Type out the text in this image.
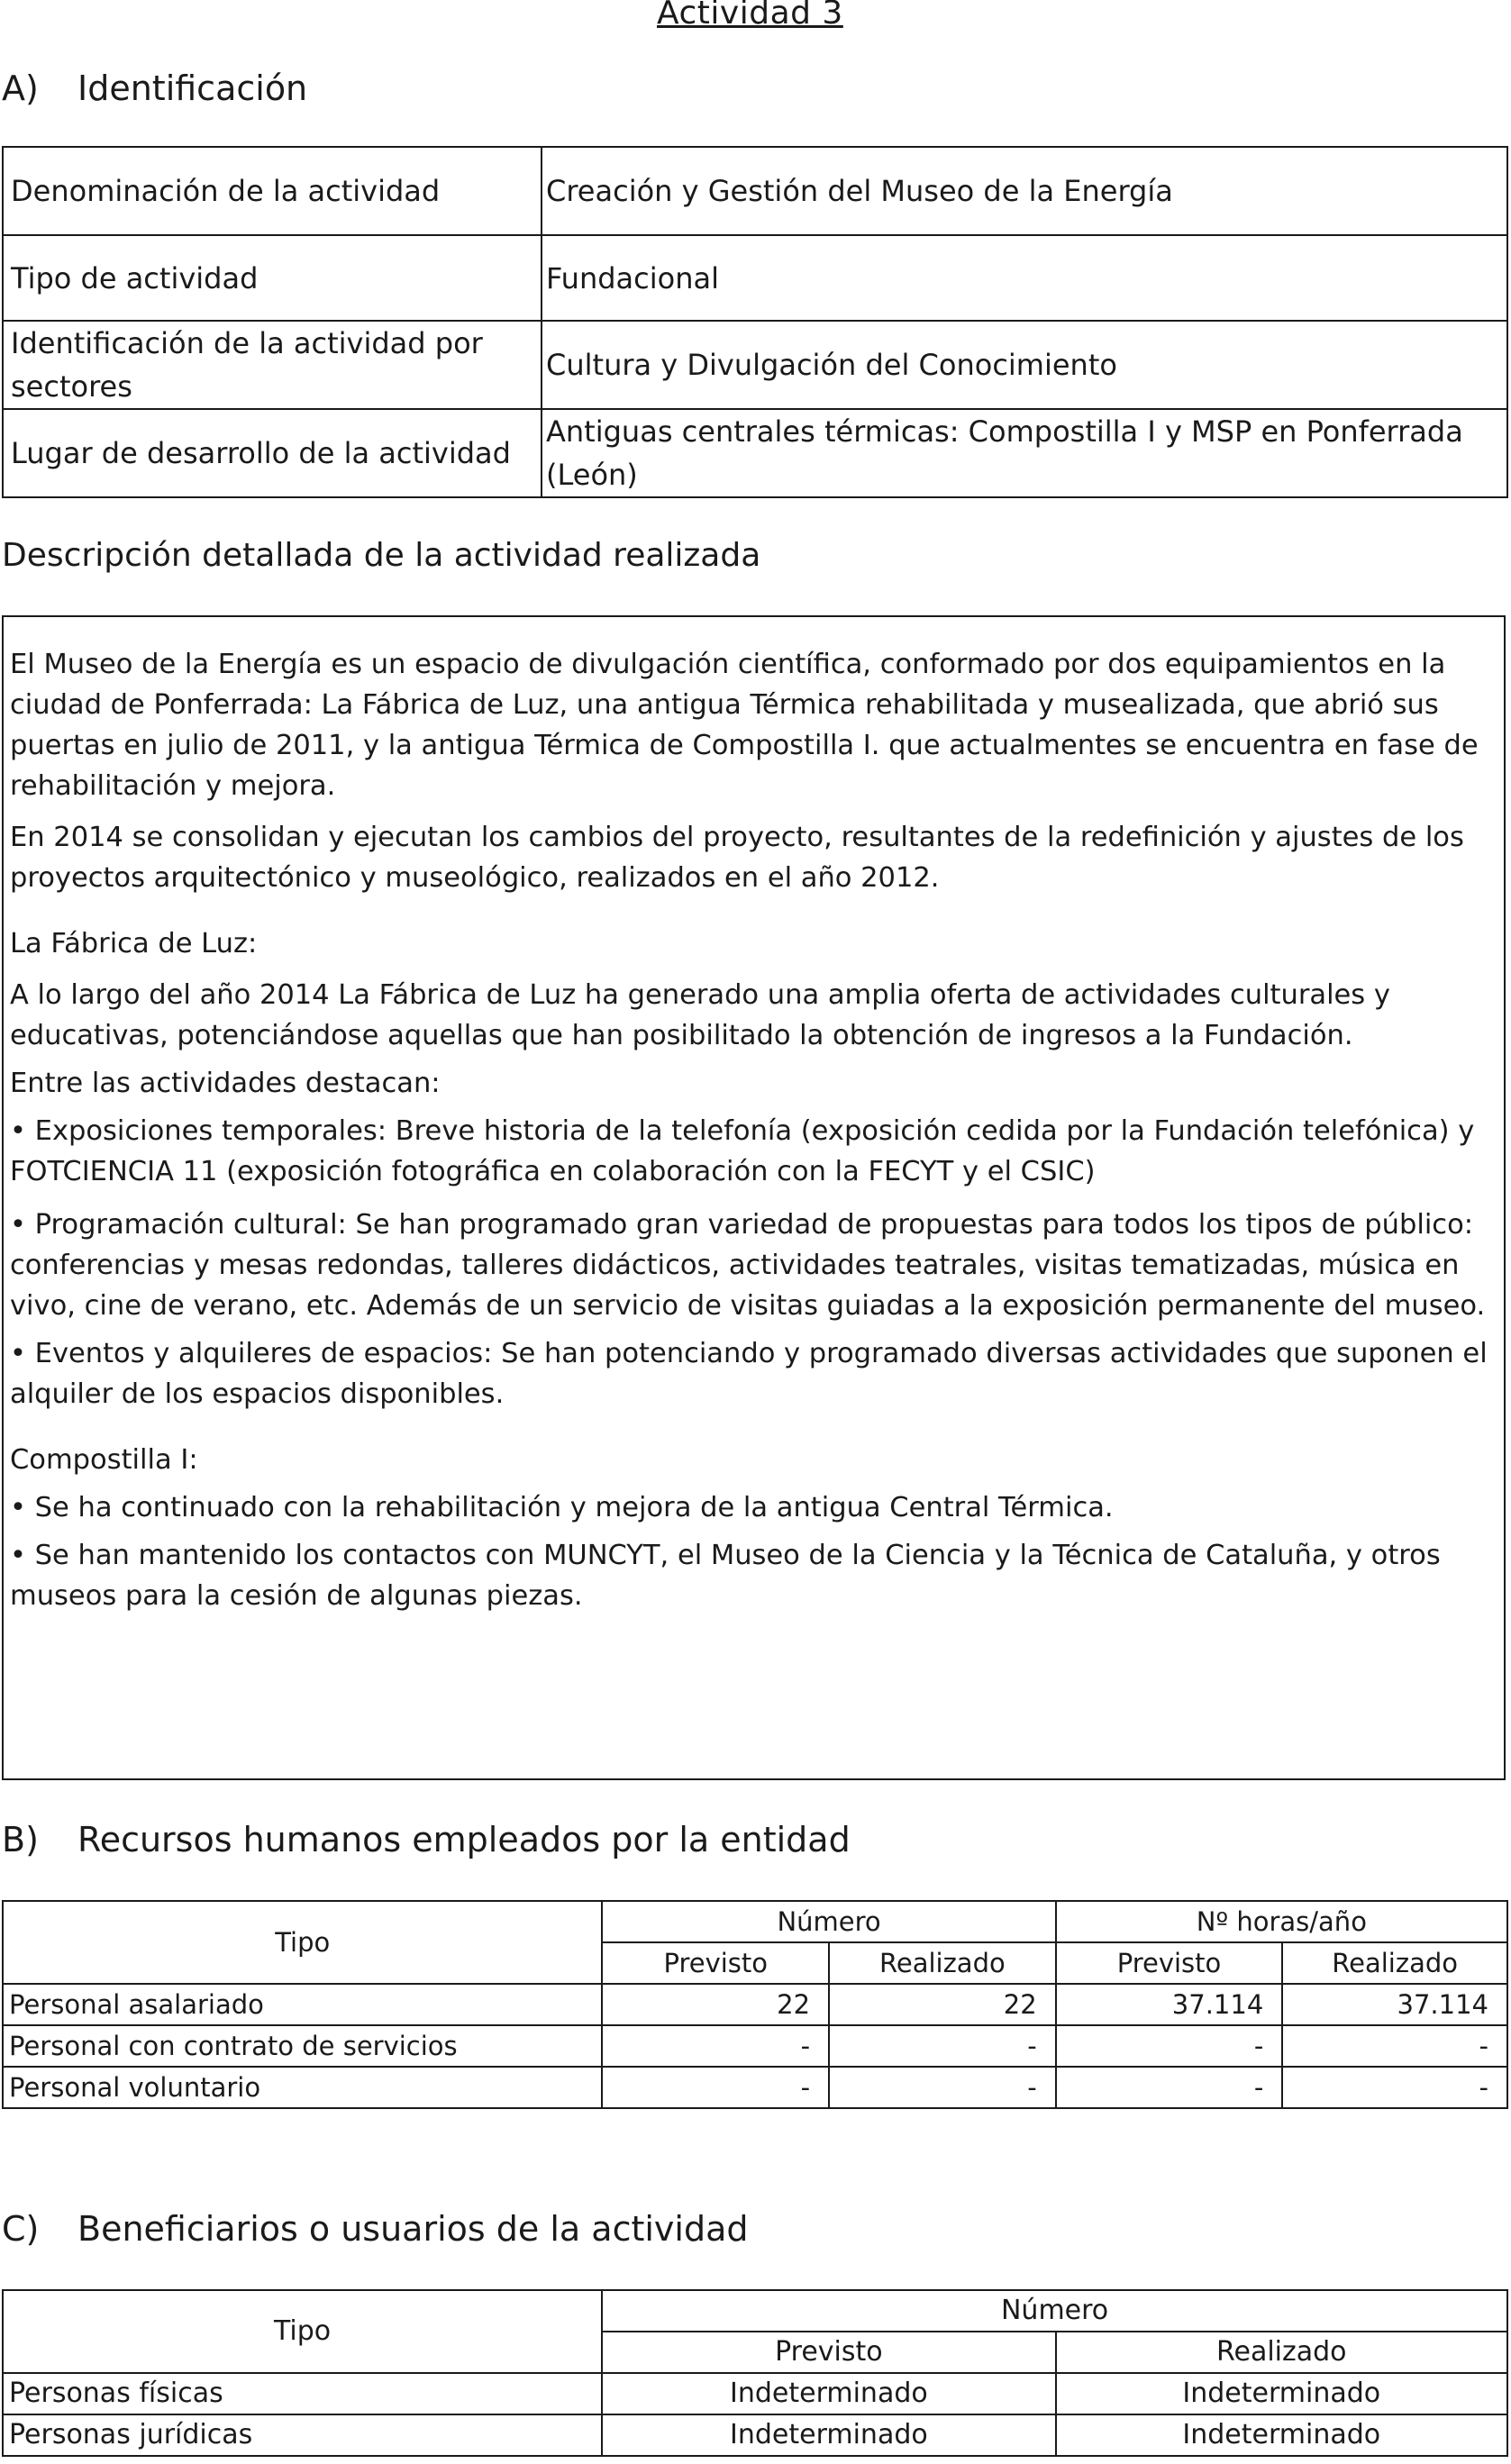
Actividad 3
A) Identificación
Denominación de la actividad	Creación y Gestión del Museo de la Energía
Tipo de actividad	Fundacional
Identificación de la actividad por sectores	Cultura y Divulgación del Conocimiento
Lugar de desarrollo de la actividad	Antiguas centrales térmicas: Compostilla I y MSP en Ponferrada (León)
Descripción detallada de la actividad realizada

El Museo de la Energía es un espacio de divulgación científica, conformado por dos equipamientos en la ciudad de Ponferrada: La Fábrica de Luz, una antigua Térmica rehabilitada y musealizada, que abrió sus puertas en julio de 2011, y la antigua Térmica de Compostilla I. que actualmentes se encuentra en fase de rehabilitación y mejora.

En 2014 se consolidan y ejecutan los cambios del proyecto, resultantes de la redefinición y ajustes de los proyectos arquitectónico y museológico, realizados en el año 2012.

La Fábrica de Luz:

A lo largo del año 2014 La Fábrica de Luz ha generado una amplia oferta de actividades culturales y educativas, potenciándose aquellas que han posibilitado la obtención de ingresos a la Fundación.

Entre las actividades destacan:

• Exposiciones temporales: Breve historia de la telefonía (exposición cedida por la Fundación telefónica) y FOTCIENCIA 11 (exposición fotográfica en colaboración con la FECYT y el CSIC)

• Programación cultural: Se han programado gran variedad de propuestas para todos los tipos de público: conferencias y mesas redondas, talleres didácticos, actividades teatrales, visitas tematizadas, música en vivo, cine de verano, etc. Además de un servicio de visitas guiadas a la exposición permanente del museo.

• Eventos y alquileres de espacios: Se han potenciando y programado diversas actividades que suponen el alquiler de los espacios disponibles.

Compostilla I:

• Se ha continuado con la rehabilitación y mejora de la antigua Central Térmica.

• Se han mantenido los contactos con MUNCYT, el Museo de la Ciencia y la Técnica de Cataluña, y otros museos para la cesión de algunas piezas.

B) Recursos humanos empleados por la entidad
Tipo	Número		Nº horas/año	
	Previsto	Realizado	Previsto	Realizado
Personal asalariado	22	22	37.114	37.114
Personal con contrato de servicios	-	-	-	-
Personal voluntario	-	-	-	-
C) Beneficiarios o usuarios de la actividad
Tipo	Número	
	Previsto	Realizado
Personas físicas	Indeterminado	Indeterminado
Personas jurídicas	Indeterminado	Indeterminado
